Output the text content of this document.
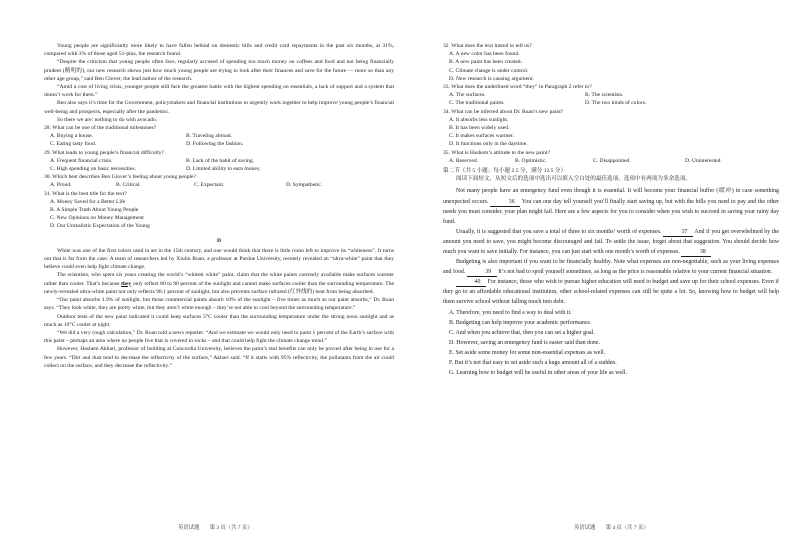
Young people are significantly more likely to have fallen behind on domestic bills and credit card repayments in the past six months, at 31%, compared with 3% of those aged 51-plus, the research found.

“Despite the criticism that young people often face, regularly accused of spending too much money on coffees and food and not being financially prudent (精明的), our new research shows just how much young people are trying to look after their finances and save for the future — more so than any other age group,” said Ben Glover, the lead author of the research.

“Amid a cost of living crisis, younger people still face the greatest battle with the highest spending on essentials, a lack of support and a system that doesn’t work for them.”

Ben also says it’s time for the Government, policymakers and financial institutions to urgently work together to help improve young people’s financial well-being and prospects, especially after the pandemic.

So there we are: nothing to do with avocado.

28. What can be one of the traditional milestones?

A. Buying a house.	B. Traveling abroad.
C. Eating tasty food.	D. Following the fashion.

29. What leads to young people’s financial difficulty?

A. Frequent financial crisis.	B. Lack of the habit of saving.
C. High spending on basic necessities.	D. Limited ability to earn money.

30. Which best describes Ben Glover’s feeling about young people?

A. Proud.	B. Critical.	C. Expectant.	D. Sympathetic.

31. What is the best title for the text?

A. Money Saved for a Better Life
B. A Simple Truth About Young People
C. New Opinions on Money Management
D. Our Unrealistic Expectation of the Young
D

White was one of the first colors used in art in the 15th century, and one would think that there is little room left to improve its “whiteness”. It turns out that is far from the case: A team of researchers led by Xiulin Ruan, a professor at Purdue University, recently revealed an “ultra-white” paint that they believe could even help fight climate change.

The scientists, who spent six years creating the world’s “whitest white” paint, claim that the white paints currently available make surfaces warmer rather than cooler. That’s because they only reflect 80 to 90 percent of the sunlight and cannot make surfaces cooler than the surrounding temperature. The newly-revealed ultra-white paint not only reflects 98.1 percent of sunlight, but also prevents surface infrared (红外线的) heat from being absorbed.

“Our paint absorbs 1.9% of sunlight, but those commercial paints absorb 10% of the sunlight – five times as much as our paint absorbs,” Dr. Ruan says. “They look white, they are pretty white, but they aren’t white enough – they’re not able to cool beyond the surrounding temperature.”

Outdoor tests of the new paint indicated it could keep surfaces 5°C cooler than the surrounding temperature under the strong noon sunlight and as much as 10°C cooler at night.

“We did a very rough calculation,” Dr. Ruan told a news reporter. “And we estimate we would only need to paint 1 percent of the Earth’s surface with this paint – perhaps an area where no people live that is covered in rocks – and that could help fight the climate change trend.”

However, Hashem Akbari, professor of building at Concordia University, believes the paint’s real benefits can only be proved after being in use for a few years. “Dirt and dust tend to decrease the reflectivity of the surface,” Akbari said. “If it starts with 95% reflectivity, the pollutants from the air could collect on the surface, and they decrease the reflectivity.”

32. What does the text intend to tell us?

A. A new color has been found.
B. A new paint has been created.
C. Climate change is under control.
D. New research is causing argument.

33. What does the underlined word “they” in Paragraph 2 refer to?

A. The surfaces.	B. The scientists.
C. The traditional paints.	D. The two kinds of colors.

34. What can be inferred about Dr. Ruan’s new paint?

A. It absorbs less sunlight.
B. It has been widely used.
C. It makes surfaces warmer.
D. It functions only in the daytime.

35. What is Hashem’s attitude to the new paint?

A. Reserved.	B. Optimistic.	C. Disappointed.	D. Uninterested.

第二节（共 5 小题；每小题 2.5 分，满分 12.5 分）

阅读下面短文，从短文后的选项中选出可以填入空白处的最佳选项。选项中有两项为多余选项。

Not many people have an emergency fund even though it is essential. It will become your financial buffer (缓冲) in case something unexpected occurs.	36 You can one day tell yourself you’ll finally start saving up, but with the bills you need to pay and the other needs you must consider, your plan might fail. Here are a few aspects for you to consider when you wish to succeed in saving your rainy day fund.

Usually, it is suggested that you save a total of three to six months’ worth of expenses.	37 And if you get overwhelmed by the amount you need to save, you might become discouraged and fail. To settle the issue, forget about that suggestion. You should decide how much you want to save initially. For instance, you can just start with one month’s worth of expenses.	38

Budgeting is also important if you want to be financially healthy. Note what expenses are non-negotiable, such as your living expenses and food.	39 It’s not bad to spoil yourself sometimes, as long as the price is reasonable relative to your current financial situation.

40 For instance, those who wish to pursue higher education will need to budget and save up for their school expenses. Even if they go to an affordable educational institution, other school-related expenses can still be quite a lot. So, knowing how to budget will help them survive school without falling much into debt.

A. Therefore, you need to find a way to deal with it.
B. Budgeting can help improve your academic performance.
C. And when you achieve that, then you can set a higher goal.
D. However, saving an emergency fund is easier said than done.
E. Set aside some money for some non-essential expenses as well.
F. But it’s not that easy to set aside such a huge amount all of a sudden.
G. Learning how to budget will be useful in other areas of your life as well.
英语试题 第 3 页（共 7 页）	英语试题 第 4 页（共 7 页）
